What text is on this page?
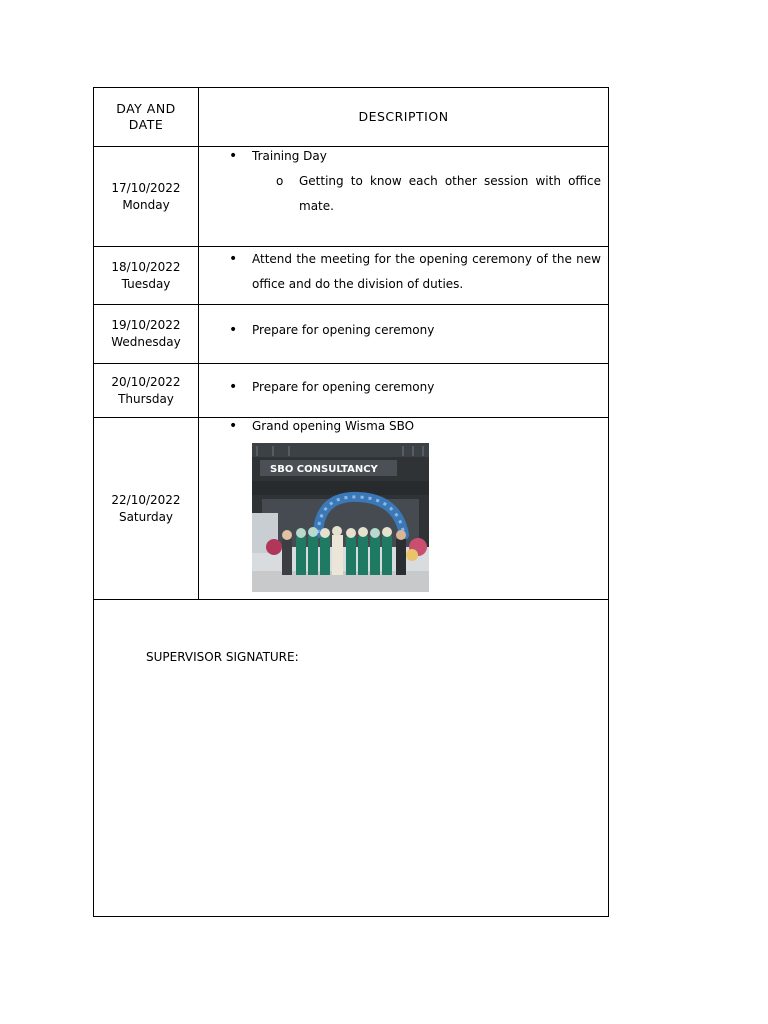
DAY AND DATE
DESCRIPTION
17/10/2022
Monday
• Training Day
o Getting to know each other session with office mate.
18/10/2022
Tuesday
• Attend the meeting for the opening ceremony of the new office and do the division of duties.
19/10/2022
Wednesday
• Prepare for opening ceremony
20/10/2022
Thursday
• Prepare for opening ceremony
22/10/2022
Saturday
• Grand opening Wisma SBO
SBO CONSULTANCY
SUPERVISOR SIGNATURE:
